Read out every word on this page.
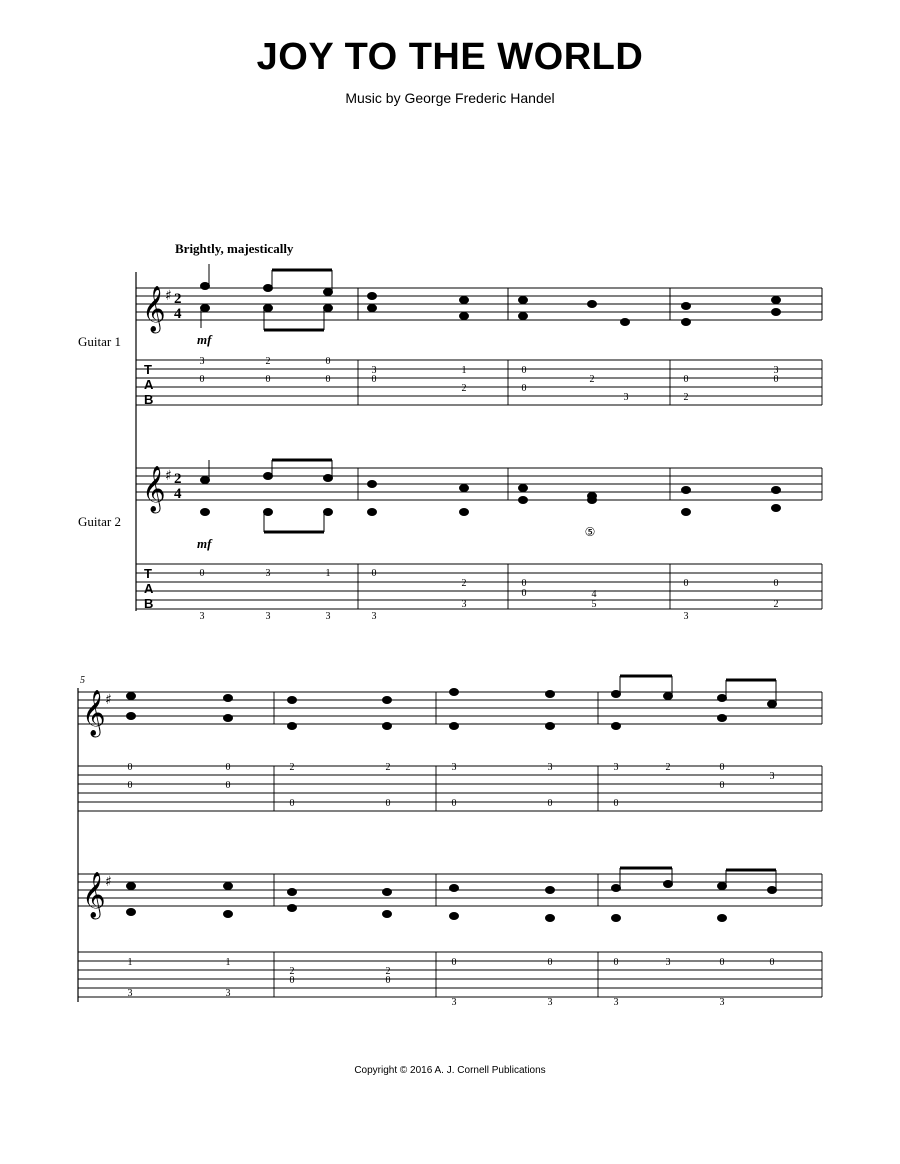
JOY TO THE WORLD
Music by George Frederic Handel
Brightly, majestically
Guitar 1
Guitar 2
𝄞 ♯ 2
4
mf
T
A
B
3
0
2
0
0
0
3
0
1
2
0
0
2
3
0
2
3
0
𝄞 ♯ 2
4
⑤
mf
T
A
B
0
3
3
3
1
3
0
3
2
3
0
0	4
5
0
3
0
2
5
𝄞 ♯
0
0
0
0
2
0
2
0
3
0
3
0
3
0
2	0
0
3
𝄞 ♯
1
3
1
3
2
0
2
0
0
3
0
3
0
3
3	0
3
0
Copyright © 2016 A. J. Cornell Publications
